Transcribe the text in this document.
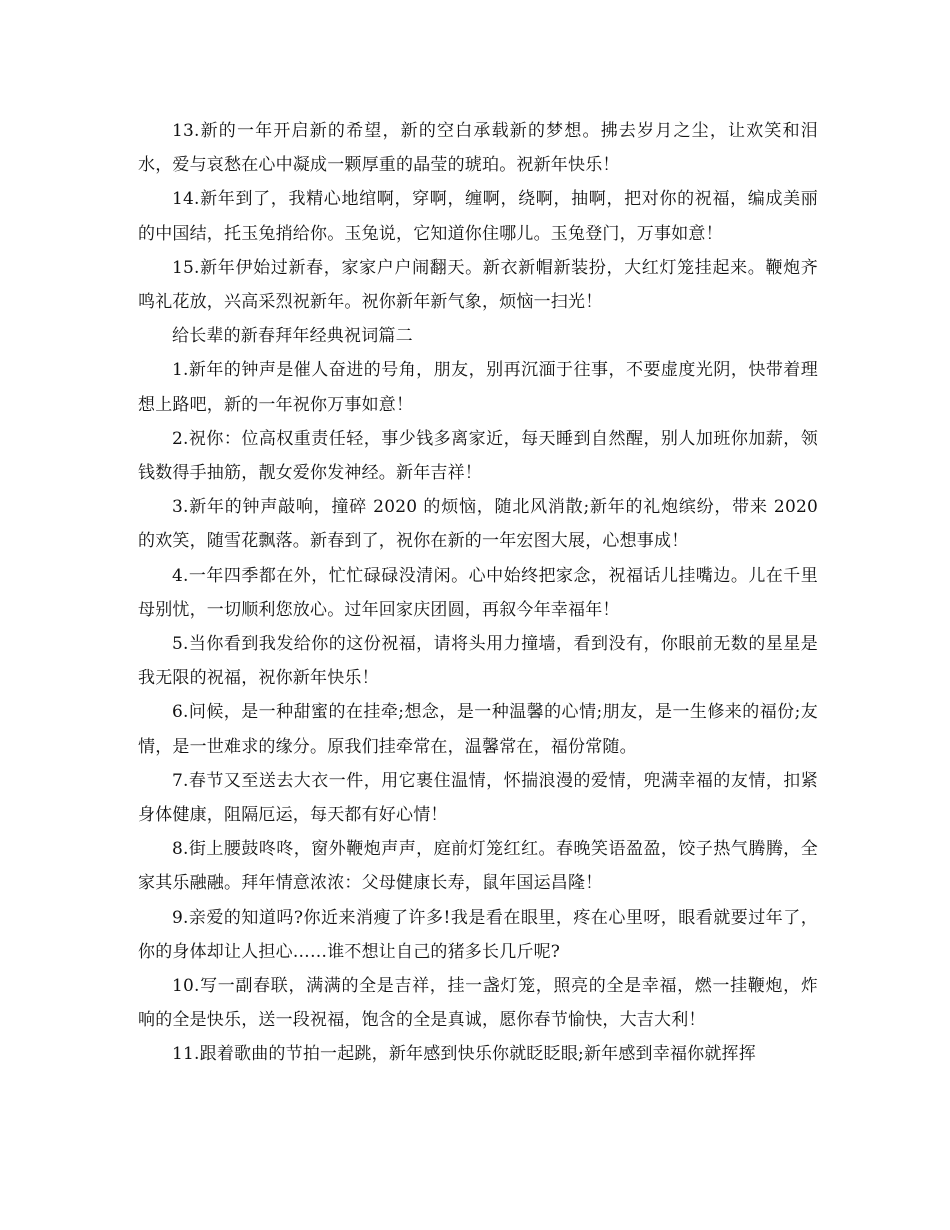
13.新的一年开启新的希望，新的空白承载新的梦想。拂去岁月之尘，让欢笑和泪水，爱与哀愁在心中凝成一颗厚重的晶莹的琥珀。祝新年快乐！

14.新年到了，我精心地绾啊，穿啊，缠啊，绕啊，抽啊，把对你的祝福，编成美丽的中国结，托玉兔捎给你。玉兔说，它知道你住哪儿。玉兔登门，万事如意！

15.新年伊始过新春，家家户户闹翻天。新衣新帽新装扮，大红灯笼挂起来。鞭炮齐鸣礼花放，兴高采烈祝新年。祝你新年新气象，烦恼一扫光！

给长辈的新春拜年经典祝词篇二

1.新年的钟声是催人奋进的号角，朋友，别再沉湎于往事，不要虚度光阴，快带着理想上路吧，新的一年祝你万事如意！

2.祝你：位高权重责任轻，事少钱多离家近，每天睡到自然醒，别人加班你加薪，领钱数得手抽筋，靓女爱你发神经。新年吉祥！

3.新年的钟声敲响，撞碎 2020 的烦恼，随北风消散;新年的礼炮缤纷，带来 2020 的欢笑，随雪花飘落。新春到了，祝你在新的一年宏图大展，心想事成！

4.一年四季都在外，忙忙碌碌没清闲。心中始终把家念，祝福话儿挂嘴边。儿在千里母别忧，一切顺利您放心。过年回家庆团圆，再叙今年幸福年！

5.当你看到我发给你的这份祝福，请将头用力撞墙，看到没有，你眼前无数的星星是我无限的祝福，祝你新年快乐！

6.问候，是一种甜蜜的在挂牵;想念，是一种温馨的心情;朋友，是一生修来的福份;友情，是一世难求的缘分。原我们挂牵常在，温馨常在，福份常随。

7.春节又至送去大衣一件，用它裹住温情，怀揣浪漫的爱情，兜满幸福的友情，扣紧身体健康，阻隔厄运，每天都有好心情！

8.街上腰鼓咚咚，窗外鞭炮声声，庭前灯笼红红。春晚笑语盈盈，饺子热气腾腾，全家其乐融融。拜年情意浓浓：父母健康长寿，鼠年国运昌隆！

9.亲爱的知道吗?你近来消瘦了许多!我是看在眼里，疼在心里呀，眼看就要过年了，你的身体却让人担心……谁不想让自己的猪多长几斤呢?

10.写一副春联，满满的全是吉祥，挂一盏灯笼，照亮的全是幸福，燃一挂鞭炮，炸响的全是快乐，送一段祝福，饱含的全是真诚，愿你春节愉快，大吉大利！

11.跟着歌曲的节拍一起跳，新年感到快乐你就眨眨眼;新年感到幸福你就挥挥
